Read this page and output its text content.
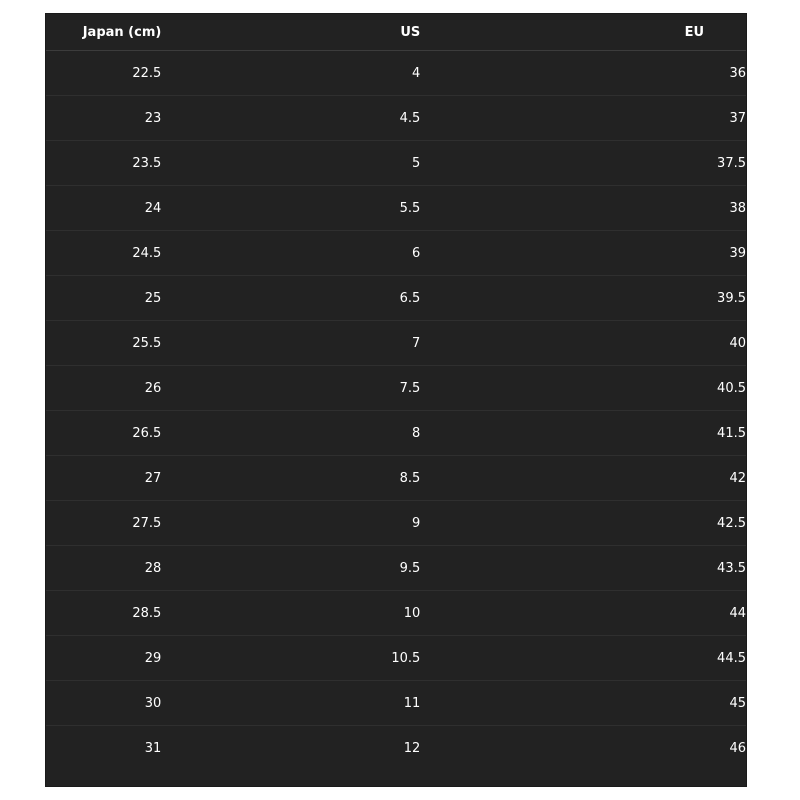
Japan (cm)	US	EU
22.5	4	36
23	4.5	37
23.5	5	37.5
24	5.5	38
24.5	6	39
25	6.5	39.5
25.5	7	40
26	7.5	40.5
26.5	8	41.5
27	8.5	42
27.5	9	42.5
28	9.5	43.5
28.5	10	44
29	10.5	44.5
30	11	45
31	12	46
